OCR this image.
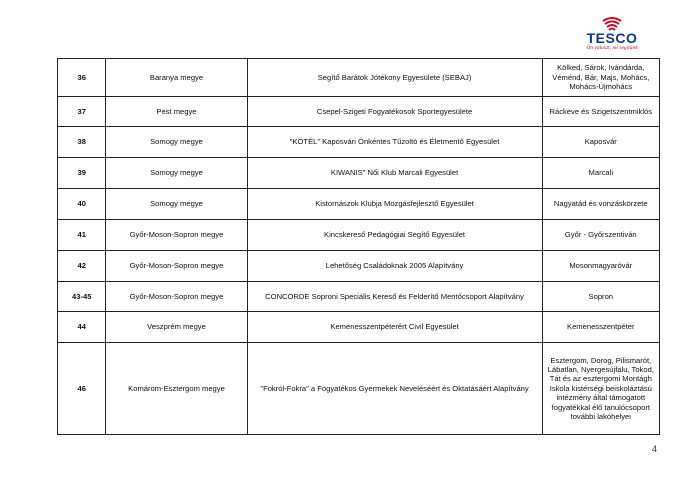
TESCO
Ön választ, mi segítünk
36	Baranya megye	Segítő Barátok Jótékony Egyesülete (SEBAJ)	Kölked, Sárok, Ivándárda, Véménd, Bár, Majs, Mohács, Mohács-Újmohács
37	Pest megye	Csepel-Szigeti Fogyatékosok Sportegyesülete	Ráckeve és Szigetszentmiklós
38	Somogy megye	"KÖTÉL" Kaposvári Önkéntes Tűzoltó és Életmentő Egyesület	Kaposvár
39	Somogy megye	KIWANIS" Női Klub Marcali Egyesület	Marcali
40	Somogy megye	Kistornászok Klubja Mozgásfejlesztő Egyesület	Nagyatád és vonzáskörzete
41	Győr-Moson-Sopron megye	Kincskereső Pedagógiai Segítő Egyesület	Győr - Győrszentiván
42	Győr-Moson-Sopron megye	Lehetőség Családoknak 2005 Alapítvány	Mosonmagyaróvár
43-45	Győr-Moson-Sopron megye	CONCORDE Soproni Speciális Kereső és Felderítő Mentőcsoport Alapítvány	Sopron
44	Veszprém megye	Kemenesszentpéterért Civil Egyesület	Kemenesszentpéter
46	Komárom-Esztergom megye	"Fokról-Fokra" a Fogyatékos Gyermekek Neveléséért és Oktatásáért Alapítvány	Esztergom, Dorog, Pilismarót, Lábatlan, Nyergesújfalu, Tokod, Tát és az esztergomi Montágh Iskola kistérségi beiskoláztású intézmény által támogatott fogyatékkal élő tanulócsoport további lakóhelyei
4
